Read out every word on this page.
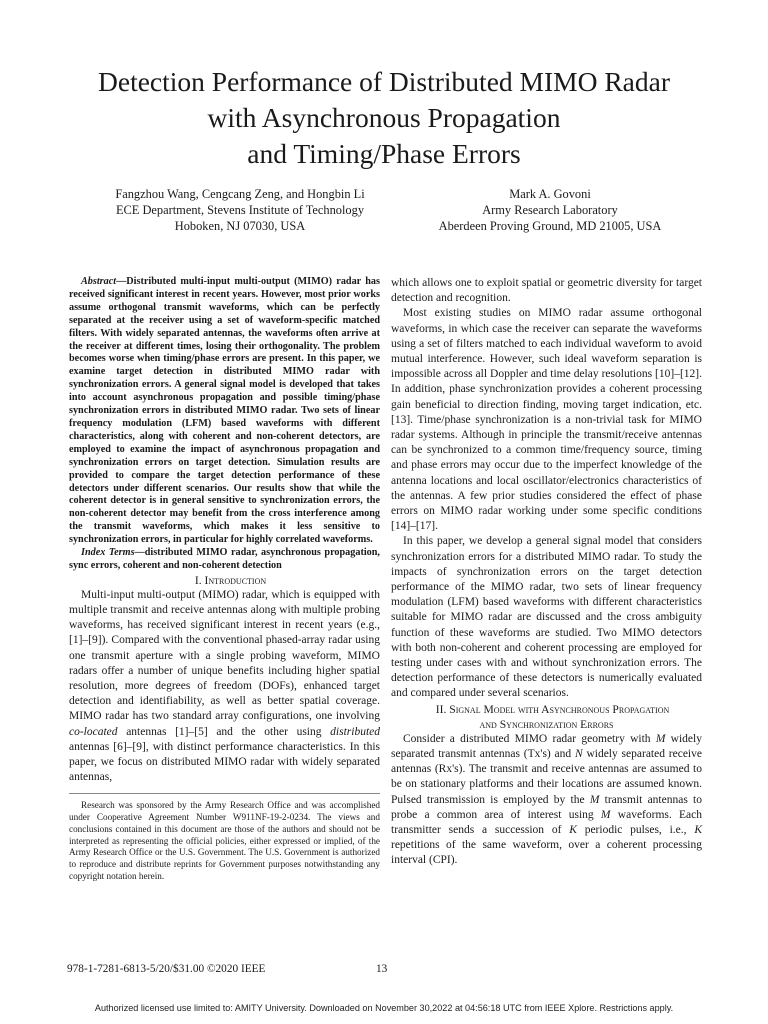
Detection Performance of Distributed MIMO Radar
with Asynchronous Propagation
and Timing/Phase Errors
Fangzhou Wang, Cengcang Zeng, and Hongbin Li
ECE Department, Stevens Institute of Technology
Hoboken, NJ 07030, USA
Mark A. Govoni
Army Research Laboratory
Aberdeen Proving Ground, MD 21005, USA

Abstract—Distributed multi-input multi-output (MIMO) radar has received significant interest in recent years. However, most prior works assume orthogonal transmit waveforms, which can be perfectly separated at the receiver using a set of waveform-specific matched filters. With widely separated antennas, the waveforms often arrive at the receiver at different times, losing their orthogonality. The problem becomes worse when timing/phase errors are present. In this paper, we examine target detection in distributed MIMO radar with synchronization errors. A general signal model is developed that takes into account asynchronous propagation and possible timing/phase synchronization errors in distributed MIMO radar. Two sets of linear frequency modulation (LFM) based waveforms with different characteristics, along with coherent and non-coherent detectors, are employed to examine the impact of asynchronous propagation and synchronization errors on target detection. Simulation results are provided to compare the target detection performance of these detectors under different scenarios. Our results show that while the coherent detector is in general sensitive to synchronization errors, the non-coherent detector may benefit from the cross interference among the transmit waveforms, which makes it less sensitive to synchronization errors, in particular for highly correlated waveforms.

Index Terms—distributed MIMO radar, asynchronous propagation, sync errors, coherent and non-coherent detection

I. Introduction

Multi-input multi-output (MIMO) radar, which is equipped with multiple transmit and receive antennas along with multiple probing waveforms, has received significant interest in recent years (e.g., [1]–[9]). Compared with the conventional phased-array radar using one transmit aperture with a single probing waveform, MIMO radars offer a number of unique benefits including higher spatial resolution, more degrees of freedom (DOFs), enhanced target detection and identifiability, as well as better spatial coverage. MIMO radar has two standard array configurations, one involving co-located antennas [1]–[5] and the other using distributed antennas [6]–[9], with distinct performance characteristics. In this paper, we focus on distributed MIMO radar with widely separated antennas,

Research was sponsored by the Army Research Office and was accomplished under Cooperative Agreement Number W911NF-19-2-0234. The views and conclusions contained in this document are those of the authors and should not be interpreted as representing the official policies, either expressed or implied, of the Army Research Office or the U.S. Government. The U.S. Government is authorized to reproduce and distribute reprints for Government purposes notwithstanding any copyright notation herein.

which allows one to exploit spatial or geometric diversity for target detection and recognition.

Most existing studies on MIMO radar assume orthogonal waveforms, in which case the receiver can separate the waveforms using a set of filters matched to each individual waveform to avoid mutual interference. However, such ideal waveform separation is impossible across all Doppler and time delay resolutions [10]–[12]. In addition, phase synchronization provides a coherent processing gain beneficial to direction finding, moving target indication, etc. [13]. Time/phase synchronization is a non-trivial task for MIMO radar systems. Although in principle the transmit/receive antennas can be synchronized to a common time/frequency source, timing and phase errors may occur due to the imperfect knowledge of the antenna locations and local oscillator/electronics characteristics of the antennas. A few prior studies considered the effect of phase errors on MIMO radar working under some specific conditions [14]–[17].

In this paper, we develop a general signal model that considers synchronization errors for a distributed MIMO radar. To study the impacts of synchronization errors on the target detection performance of the MIMO radar, two sets of linear frequency modulation (LFM) based waveforms with different characteristics suitable for MIMO radar are discussed and the cross ambiguity function of these waveforms are studied. Two MIMO detectors with both non-coherent and coherent processing are employed for testing under cases with and without synchronization errors. The detection performance of these detectors is numerically evaluated and compared under several scenarios.

II. Signal Model with Asynchronous Propagation
and Synchronization Errors

Consider a distributed MIMO radar geometry with M widely separated transmit antennas (Tx's) and N widely separated receive antennas (Rx's). The transmit and receive antennas are assumed to be on stationary platforms and their locations are assumed known. Pulsed transmission is employed by the M transmit antennas to probe a common area of interest using M waveforms. Each transmitter sends a succession of K periodic pulses, i.e., K repetitions of the same waveform, over a coherent processing interval (CPI).

978-1-7281-6813-5/20/$31.00 ©2020 IEEE	13
Authorized licensed use limited to: AMITY University. Downloaded on November 30,2022 at 04:56:18 UTC from IEEE Xplore. Restrictions apply.
